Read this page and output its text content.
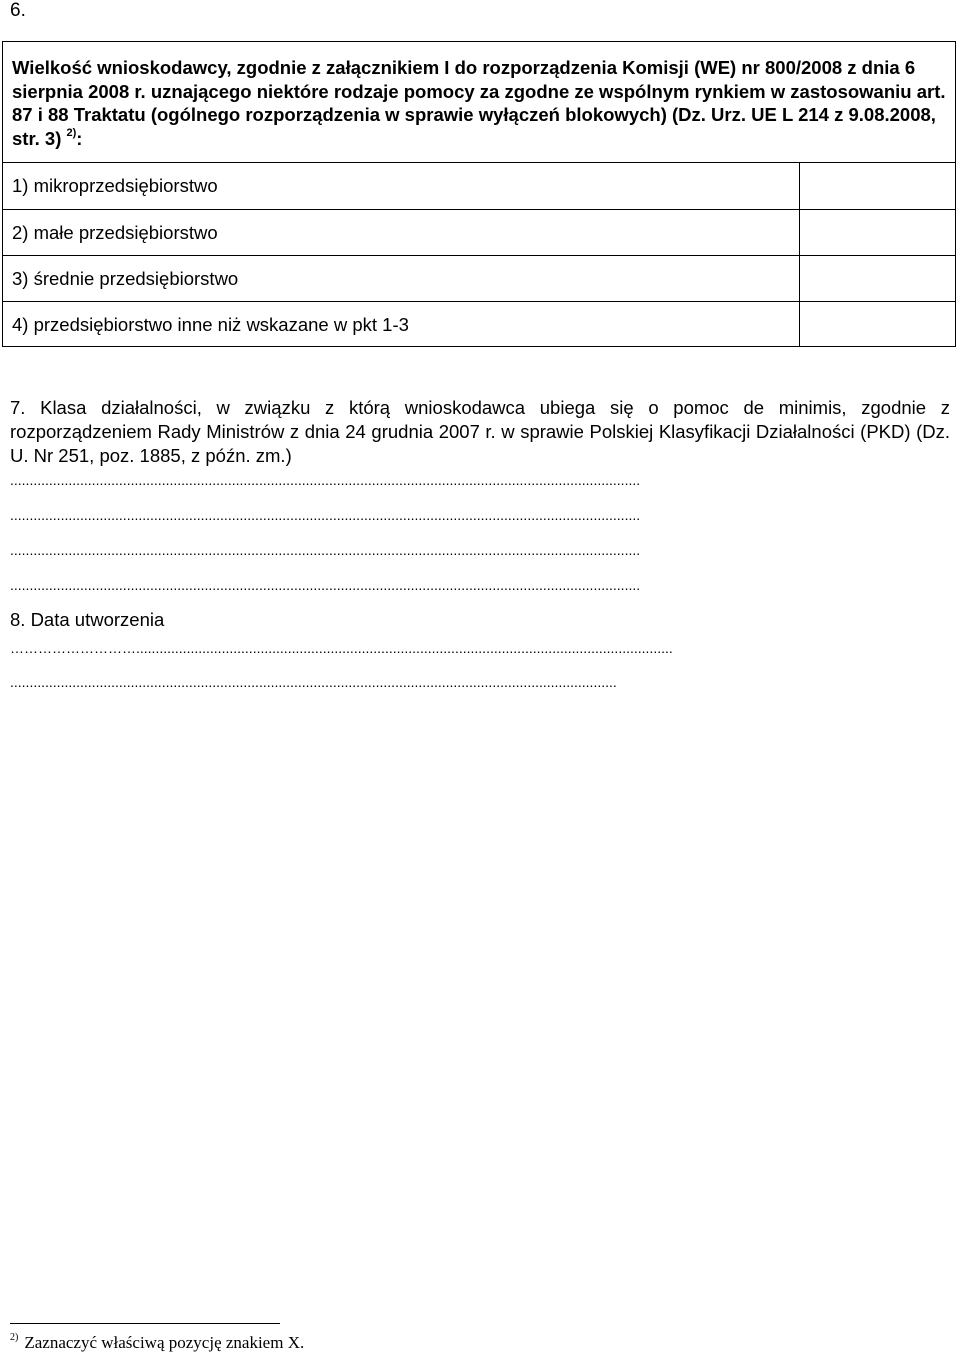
6.
Wielkość wnioskodawcy, zgodnie z załącznikiem I do rozporządzenia Komisji (WE) nr 800/2008 z dnia 6 sierpnia 2008 r. uznającego niektóre rodzaje pomocy za zgodne ze wspólnym rynkiem w zastosowaniu art. 87 i 88 Traktatu (ogólnego rozporządzenia w sprawie wyłączeń blokowych) (Dz. Urz. UE L 214 z 9.08.2008, str. 3) $^{2)}$:
1) mikroprzedsiębiorstwo
2) małe przedsiębiorstwo
3) średnie przedsiębiorstwo
4) przedsiębiorstwo inne niż wskazane w pkt 1-3
7. Klasa działalności, w związku z którą wnioskodawca ubiega się o pomoc de minimis, zgodnie z rozporządzeniem Rady Ministrów z dnia 24 grudnia 2007 r. w sprawie Polskiej Klasyfikacji Działalności (PKD) (Dz. U. Nr 251, poz. 1885, z późn. zm.)
..................................................................................................................................................................
..................................................................................................................................................................
..................................................................................................................................................................
..................................................................................................................................................................
8. Data utworzenia
………………………..........................................................................................................................................
............................................................................................................................................................
$^{2)}$ Zaznaczyć właściwą pozycję znakiem X.
